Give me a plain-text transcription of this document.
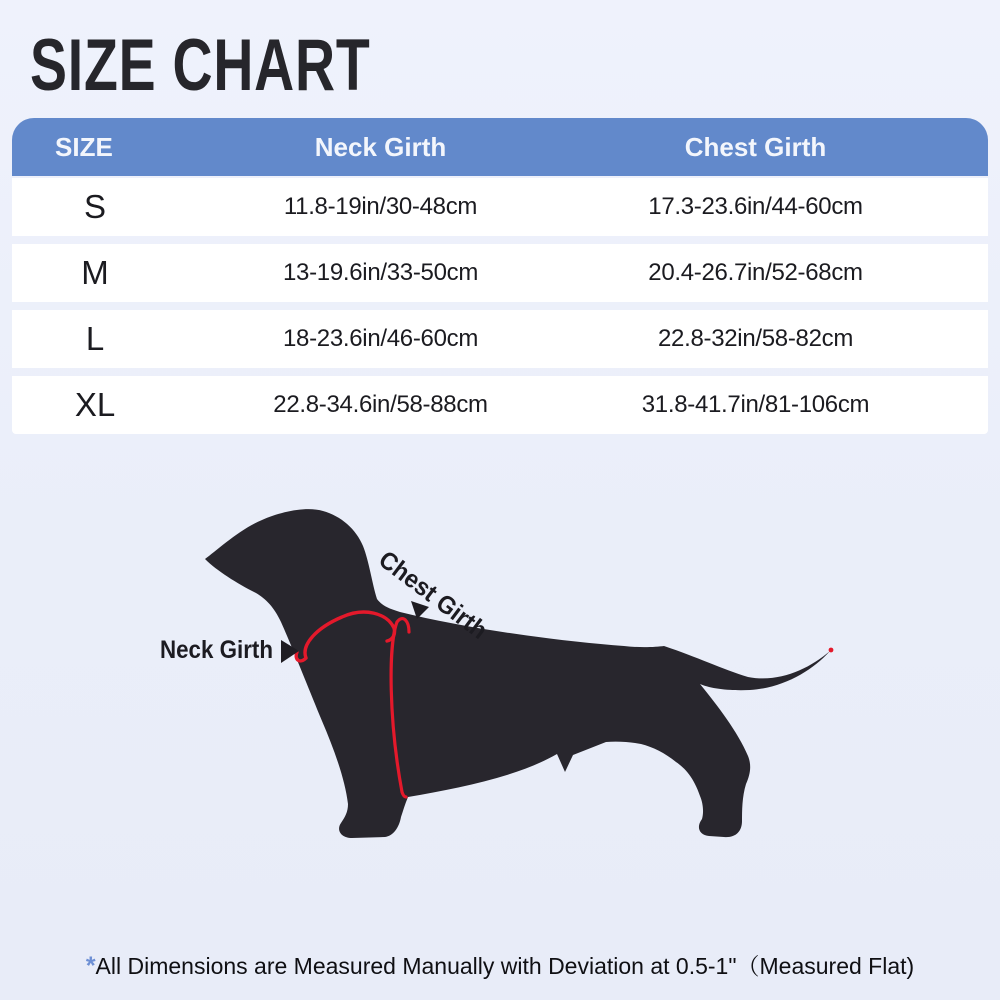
SIZE CHART
SIZE	Neck Girth	Chest Girth
S	11.8-19in/30-48cm	17.3-23.6in/44-60cm
M	13-19.6in/33-50cm	20.4-26.7in/52-68cm
L	18-23.6in/46-60cm	22.8-32in/58-82cm
XL	22.8-34.6in/58-88cm	31.8-41.7in/81-106cm
Neck Girth
Chest Girth
*All Dimensions are Measured Manually with Deviation at 0.5-1"（Measured Flat)
